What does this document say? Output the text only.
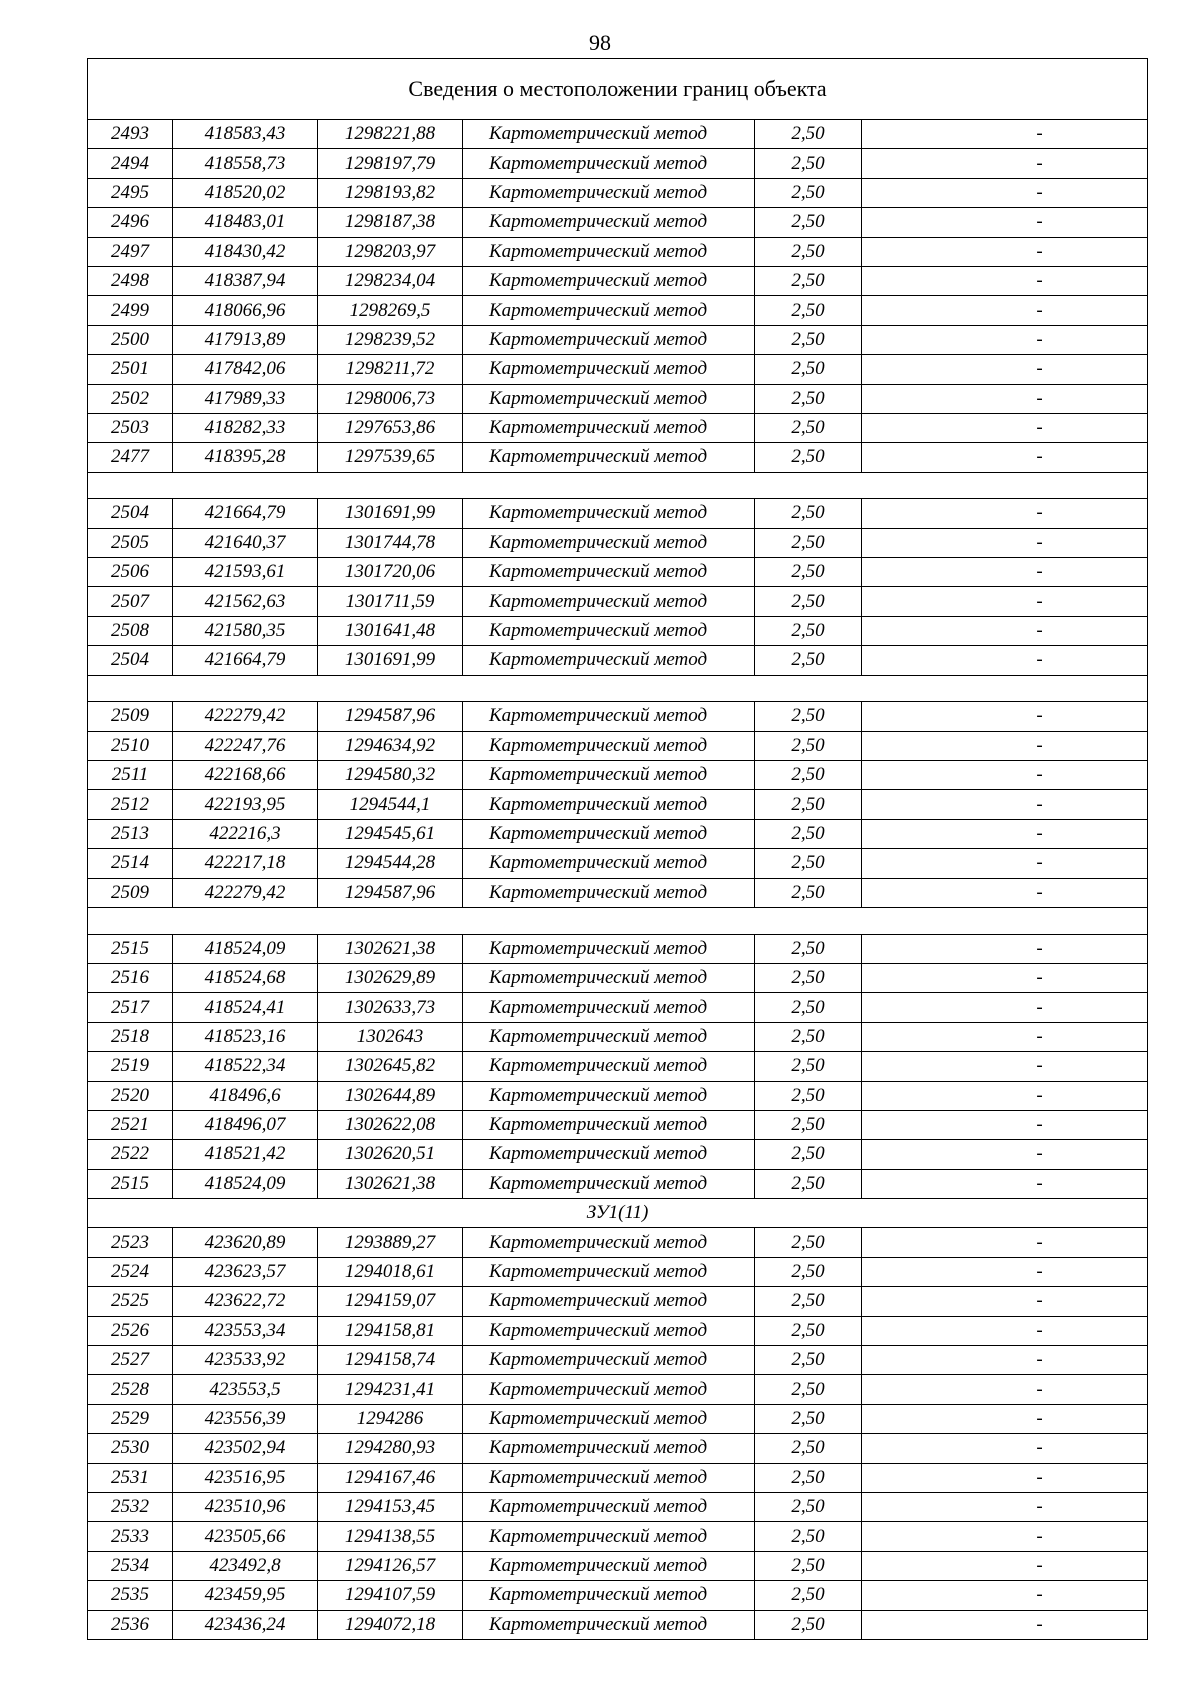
98
Сведения о местоположении границ объекта					
2493	418583,43	1298221,88	Картометрический метод	2,50	-
2494	418558,73	1298197,79	Картометрический метод	2,50	-
2495	418520,02	1298193,82	Картометрический метод	2,50	-
2496	418483,01	1298187,38	Картометрический метод	2,50	-
2497	418430,42	1298203,97	Картометрический метод	2,50	-
2498	418387,94	1298234,04	Картометрический метод	2,50	-
2499	418066,96	1298269,5	Картометрический метод	2,50	-
2500	417913,89	1298239,52	Картометрический метод	2,50	-
2501	417842,06	1298211,72	Картометрический метод	2,50	-
2502	417989,33	1298006,73	Картометрический метод	2,50	-
2503	418282,33	1297653,86	Картометрический метод	2,50	-
2477	418395,28	1297539,65	Картометрический метод	2,50	-

2504	421664,79	1301691,99	Картометрический метод	2,50	-
2505	421640,37	1301744,78	Картометрический метод	2,50	-
2506	421593,61	1301720,06	Картометрический метод	2,50	-
2507	421562,63	1301711,59	Картометрический метод	2,50	-
2508	421580,35	1301641,48	Картометрический метод	2,50	-
2504	421664,79	1301691,99	Картометрический метод	2,50	-

2509	422279,42	1294587,96	Картометрический метод	2,50	-
2510	422247,76	1294634,92	Картометрический метод	2,50	-
2511	422168,66	1294580,32	Картометрический метод	2,50	-
2512	422193,95	1294544,1	Картометрический метод	2,50	-
2513	422216,3	1294545,61	Картометрический метод	2,50	-
2514	422217,18	1294544,28	Картометрический метод	2,50	-
2509	422279,42	1294587,96	Картометрический метод	2,50	-

2515	418524,09	1302621,38	Картометрический метод	2,50	-
2516	418524,68	1302629,89	Картометрический метод	2,50	-
2517	418524,41	1302633,73	Картометрический метод	2,50	-
2518	418523,16	1302643	Картометрический метод	2,50	-
2519	418522,34	1302645,82	Картометрический метод	2,50	-
2520	418496,6	1302644,89	Картометрический метод	2,50	-
2521	418496,07	1302622,08	Картометрический метод	2,50	-
2522	418521,42	1302620,51	Картометрический метод	2,50	-
2515	418524,09	1302621,38	Картометрический метод	2,50	-
ЗУ1(11)					
2523	423620,89	1293889,27	Картометрический метод	2,50	-
2524	423623,57	1294018,61	Картометрический метод	2,50	-
2525	423622,72	1294159,07	Картометрический метод	2,50	-
2526	423553,34	1294158,81	Картометрический метод	2,50	-
2527	423533,92	1294158,74	Картометрический метод	2,50	-
2528	423553,5	1294231,41	Картометрический метод	2,50	-
2529	423556,39	1294286	Картометрический метод	2,50	-
2530	423502,94	1294280,93	Картометрический метод	2,50	-
2531	423516,95	1294167,46	Картометрический метод	2,50	-
2532	423510,96	1294153,45	Картометрический метод	2,50	-
2533	423505,66	1294138,55	Картометрический метод	2,50	-
2534	423492,8	1294126,57	Картометрический метод	2,50	-
2535	423459,95	1294107,59	Картометрический метод	2,50	-
2536	423436,24	1294072,18	Картометрический метод	2,50	-
